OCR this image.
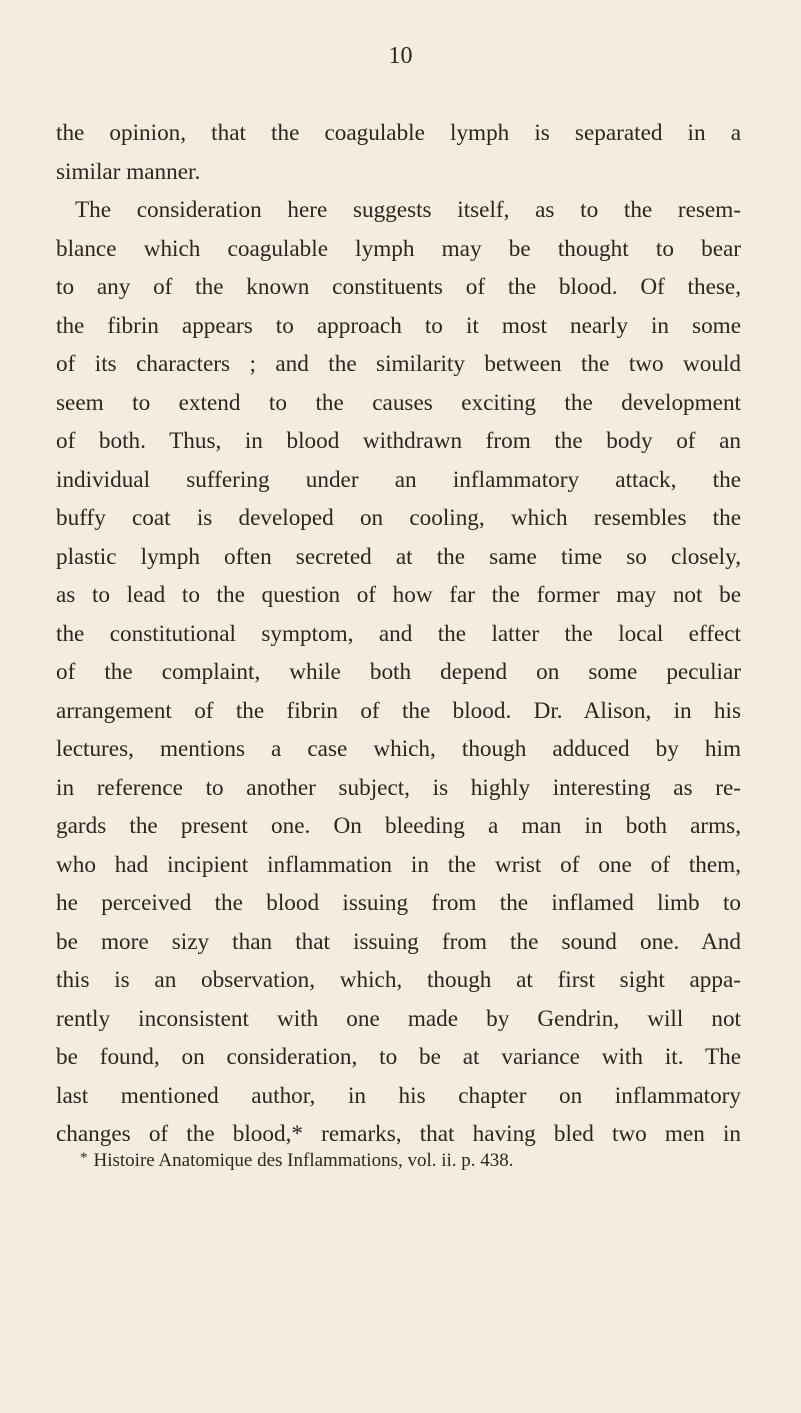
10
the opinion, that the coagulable lymph is separated in a
similar manner.
The consideration here suggests itself, as to the resem-
blance which coagulable lymph may be thought to bear
to any of the known constituents of the blood. Of these,
the fibrin appears to approach to it most nearly in some
of its characters ; and the similarity between the two would
seem to extend to the causes exciting the development
of both. Thus, in blood withdrawn from the body of an
individual suffering under an inflammatory attack, the
buffy coat is developed on cooling, which resembles the
plastic lymph often secreted at the same time so closely,
as to lead to the question of how far the former may not be
the constitutional symptom, and the latter the local effect
of the complaint, while both depend on some peculiar
arrangement of the fibrin of the blood. Dr. Alison, in his
lectures, mentions a case which, though adduced by him
in reference to another subject, is highly interesting as re-
gards the present one. On bleeding a man in both arms,
who had incipient inflammation in the wrist of one of them,
he perceived the blood issuing from the inflamed limb to
be more sizy than that issuing from the sound one. And
this is an observation, which, though at first sight appa-
rently inconsistent with one made by Gendrin, will not
be found, on consideration, to be at variance with it. The
last mentioned author, in his chapter on inflammatory
changes of the blood,* remarks, that having bled two men in
* Histoire Anatomique des Inflammations, vol. ii. p. 438.
